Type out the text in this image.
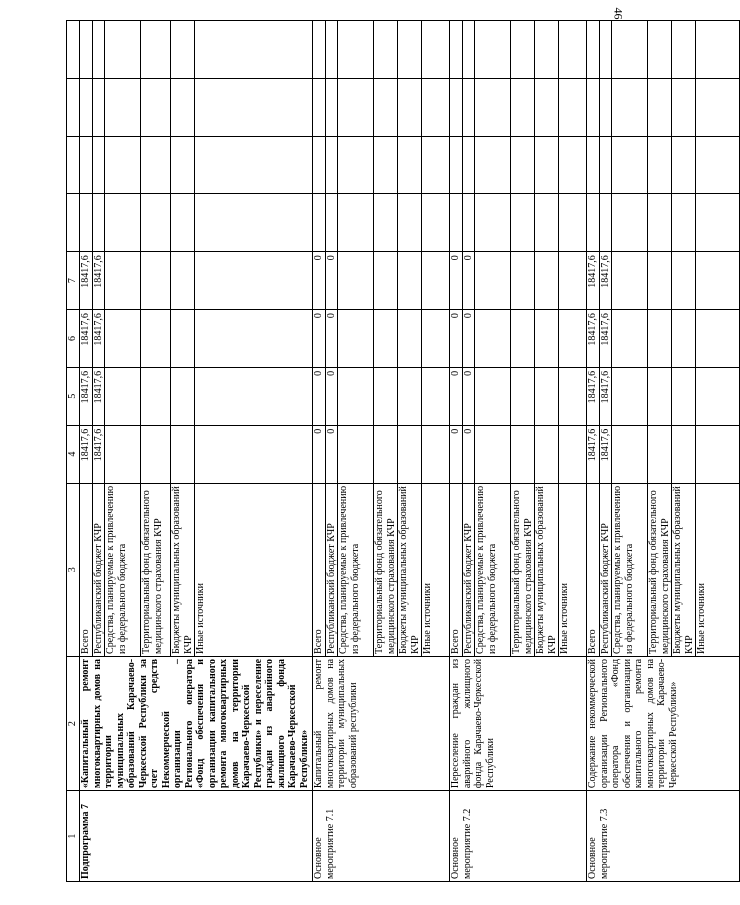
46
1	2	3	4	5	6	7				
Подпрограмма 7	«Капитальный ремонт многоквартирных домов на территории муниципальных образований Карачаево-Черкесской Республики за счет средств Некоммерческой организации – Регионального оператора «Фонд обеспечения и организации капитального ремонта многоквартирных домов на территории Карачаево-Черкесской Республики» и переселение граждан из аварийного жилищного фонда Карачаево-Черкесской Республики»	Всего	18417,6	18417,6	18417,6	18417,6				
		Республиканский бюджет КЧР	18417,6	18417,6	18417,6	18417,6				
		Средства, планируемые к привлечению из федерального бюджета								
		Территориальный фонд обязательного медицинского страхования КЧР								
		Бюджеты муниципальных образований КЧР								
		Иные источники								
Основное мероприятие 7.1	Капитальный ремонт многоквартирных домов на территории муниципальных образований республики	Всего	0	0	0	0				
		Республиканский бюджет КЧР	0	0	0	0				
		Средства, планируемые к привлечению из федерального бюджета								
		Территориальный фонд обязательного медицинского страхования КЧР								
		Бюджеты муниципальных образований КЧР								
		Иные источники								
Основное мероприятие 7.2	Переселение граждан из аварийного жилищного фонда Карачаево-Черкесской Республики	Всего	0	0	0	0				
		Республиканский бюджет КЧР	0	0	0	0				
		Средства, планируемые к привлечению из федерального бюджета								
		Территориальный фонд обязательного медицинского страхования КЧР								
		Бюджеты муниципальных образований КЧР								
		Иные источники								
Основное мероприятие 7.3	Содержание некоммерческой организации Регионального оператора «Фонд обеспечения и организации капитального ремонта многоквартирных домов на территории Карачаево-Черкесской Республики»	Всего	18417,6	18417,6	18417,6	18417,6				
		Республиканский бюджет КЧР	18417,6	18417,6	18417,6	18417,6				
		Средства, планируемые к привлечению из федерального бюджета								
		Территориальный фонд обязательного медицинского страхования КЧР								
		Бюджеты муниципальных образований КЧР								
		Иные источники								
